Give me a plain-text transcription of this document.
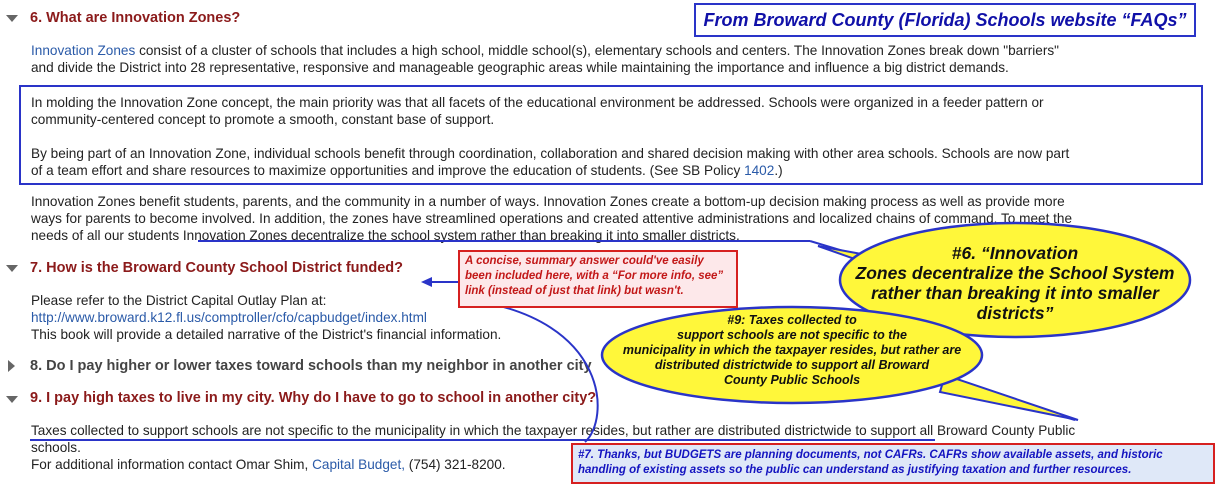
6. What are Innovation Zones?	From Broward County (Florida) Schools website “FAQs”
Innovation Zones consist of a cluster of schools that includes a high school, middle school(s), elementary schools and centers. The Innovation Zones break down "barriers"
and divide the District into 28 representative, responsive and manageable geographic areas while maintaining the importance and influence a big district demands.
In molding the Innovation Zone concept, the main priority was that all facets of the educational environment be addressed. Schools were organized in a feeder pattern or
community-centered concept to promote a smooth, constant base of support.
By being part of an Innovation Zone, individual schools benefit through coordination, collaboration and shared decision making with other area schools. Schools are now part
of a team effort and share resources to maximize opportunities and improve the education of students. (See SB Policy 1402.)
Innovation Zones benefit students, parents, and the community in a number of ways. Innovation Zones create a bottom-up decision making process as well as provide more
ways for parents to become involved. In addition, the zones have streamlined operations and created attentive administrations and localized chains of command. To meet the
needs of all our students Innovation Zones decentralize the school system rather than breaking it into smaller districts.
7. How is the Broward County School District funded?
Please refer to the District Capital Outlay Plan at:
http://www.broward.k12.fl.us/comptroller/cfo/capbudget/index.html
This book will provide a detailed narrative of the District's financial information.
8. Do I pay higher or lower taxes toward schools than my neighbor in another city
9. I pay high taxes to live in my city. Why do I have to go to school in another city?
Taxes collected to support schools are not specific to the municipality in which the taxpayer resides, but rather are distributed districtwide to support all Broward County Public
schools.
For additional information contact Omar Shim, Capital Budget, (754) 321-8200.
#6. “Innovation
Zones decentralize the School System
rather than breaking it into smaller
districts”
#9: Taxes collected to
support schools are not specific to the
municipality in which the taxpayer resides, but rather are
distributed districtwide to support all Broward
County Public Schools
A concise, summary answer could've easily been included here, with a “For more info, see” link (instead of just that link) but wasn't.
#7. Thanks, but BUDGETS are planning documents, not CAFRs. CAFRs show available assets, and historic handling of existing assets so the public can understand as justifying taxation and further resources.
